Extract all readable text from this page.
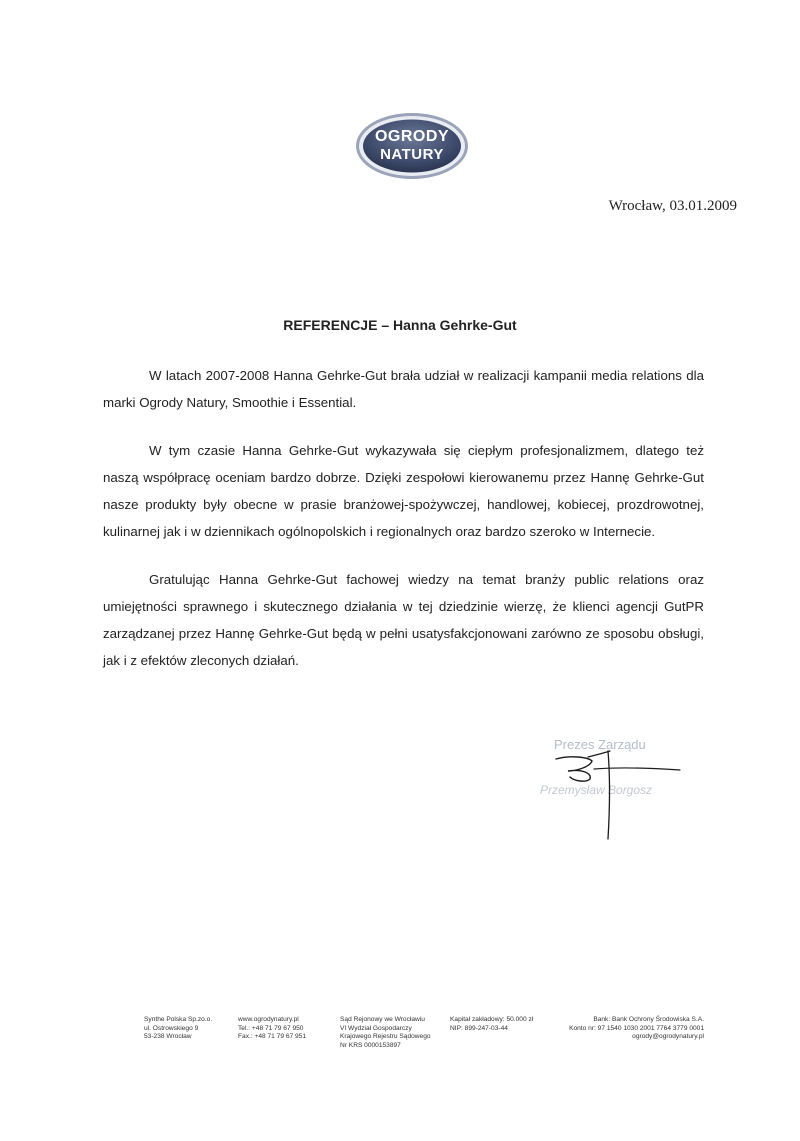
OGRODY
NATURY
Wrocław, 03.01.2009
REFERENCJE – Hanna Gehrke-Gut

W latach 2007-2008 Hanna Gehrke-Gut brała udział w realizacji kampanii media relations dla marki Ogrody Natury, Smoothie i Essential.

W tym czasie Hanna Gehrke-Gut wykazywała się ciepłym profesjonalizmem, dlatego też naszą współpracę oceniam bardzo dobrze. Dzięki zespołowi kierowanemu przez Hannę Gehrke-Gut nasze produkty były obecne w prasie branżowej-spożywczej, handlowej, kobiecej, prozdrowotnej, kulinarnej jak i w dziennikach ogólnopolskich i regionalnych oraz bardzo szeroko w Internecie.

Gratulując Hanna Gehrke-Gut fachowej wiedzy na temat branży public relations oraz umiejętności sprawnego i skutecznego działania w tej dziedzinie wierzę, że klienci agencji GutPR zarządzanej przez Hannę Gehrke-Gut będą w pełni usatysfakcjonowani zarówno ze sposobu obsługi, jak i z efektów zleconych działań.

Prezes Zarządu
Przemysław Borgosz
Synthe Polska Sp.zo.o.
ul. Ostrowskiego 9
53-238 Wrocław
www.ogrodynatury.pl
Tel.: +48 71 79 67 950
Fax.: +48 71 79 67 951
Sąd Rejonowy we Wrocławiu
VI Wydział Gospodarczy
Krajowego Rejestru Sądowego
Nr KRS 0000153897
Kapitał zakładowy: 50.000 zł
NIP: 899-247-03-44
Bank: Bank Ochrony Środowiska S.A.
Konto nr: 97 1540 1030 2001 7764 3779 0001
ogrody@ogrodynatury.pl
